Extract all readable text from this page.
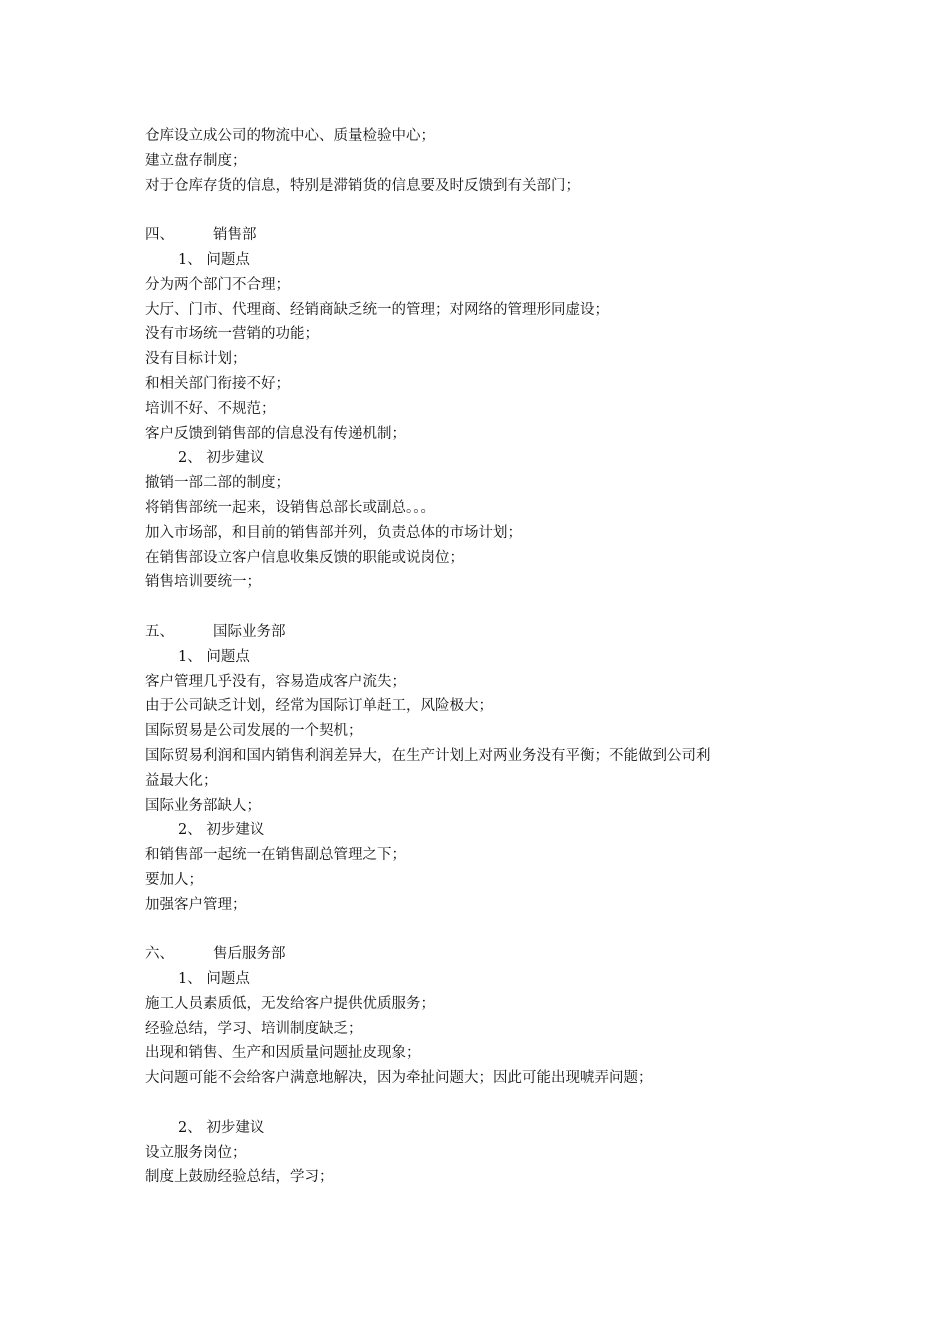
仓库设立成公司的物流中心、质量检验中心；
建立盘存制度；
对于仓库存货的信息，特别是滞销货的信息要及时反馈到有关部门；
四、	销售部
1、 问题点
分为两个部门不合理；
大厅、门市、代理商、经销商缺乏统一的管理；对网络的管理形同虚设；
没有市场统一营销的功能；
没有目标计划；
和相关部门衔接不好；
培训不好、不规范；
客户反馈到销售部的信息没有传递机制；
2、 初步建议
撤销一部二部的制度；
将销售部统一起来，设销售总部长或副总。。。
加入市场部，和目前的销售部并列，负责总体的市场计划；
在销售部设立客户信息收集反馈的职能或说岗位；
销售培训要统一；
五、	国际业务部
1、 问题点
客户管理几乎没有，容易造成客户流失；
由于公司缺乏计划，经常为国际订单赶工，风险极大；
国际贸易是公司发展的一个契机；
国际贸易利润和国内销售利润差异大，在生产计划上对两业务没有平衡；不能做到公司利
益最大化；
国际业务部缺人；
2、 初步建议
和销售部一起统一在销售副总管理之下；
要加人；
加强客户管理；
六、	售后服务部
1、 问题点
施工人员素质低，无发给客户提供优质服务；
经验总结，学习、培训制度缺乏；
出现和销售、生产和因质量问题扯皮现象；
大问题可能不会给客户满意地解决，因为牵扯问题大；因此可能出现唬弄问题；
2、 初步建议
设立服务岗位；
制度上鼓励经验总结，学习；
